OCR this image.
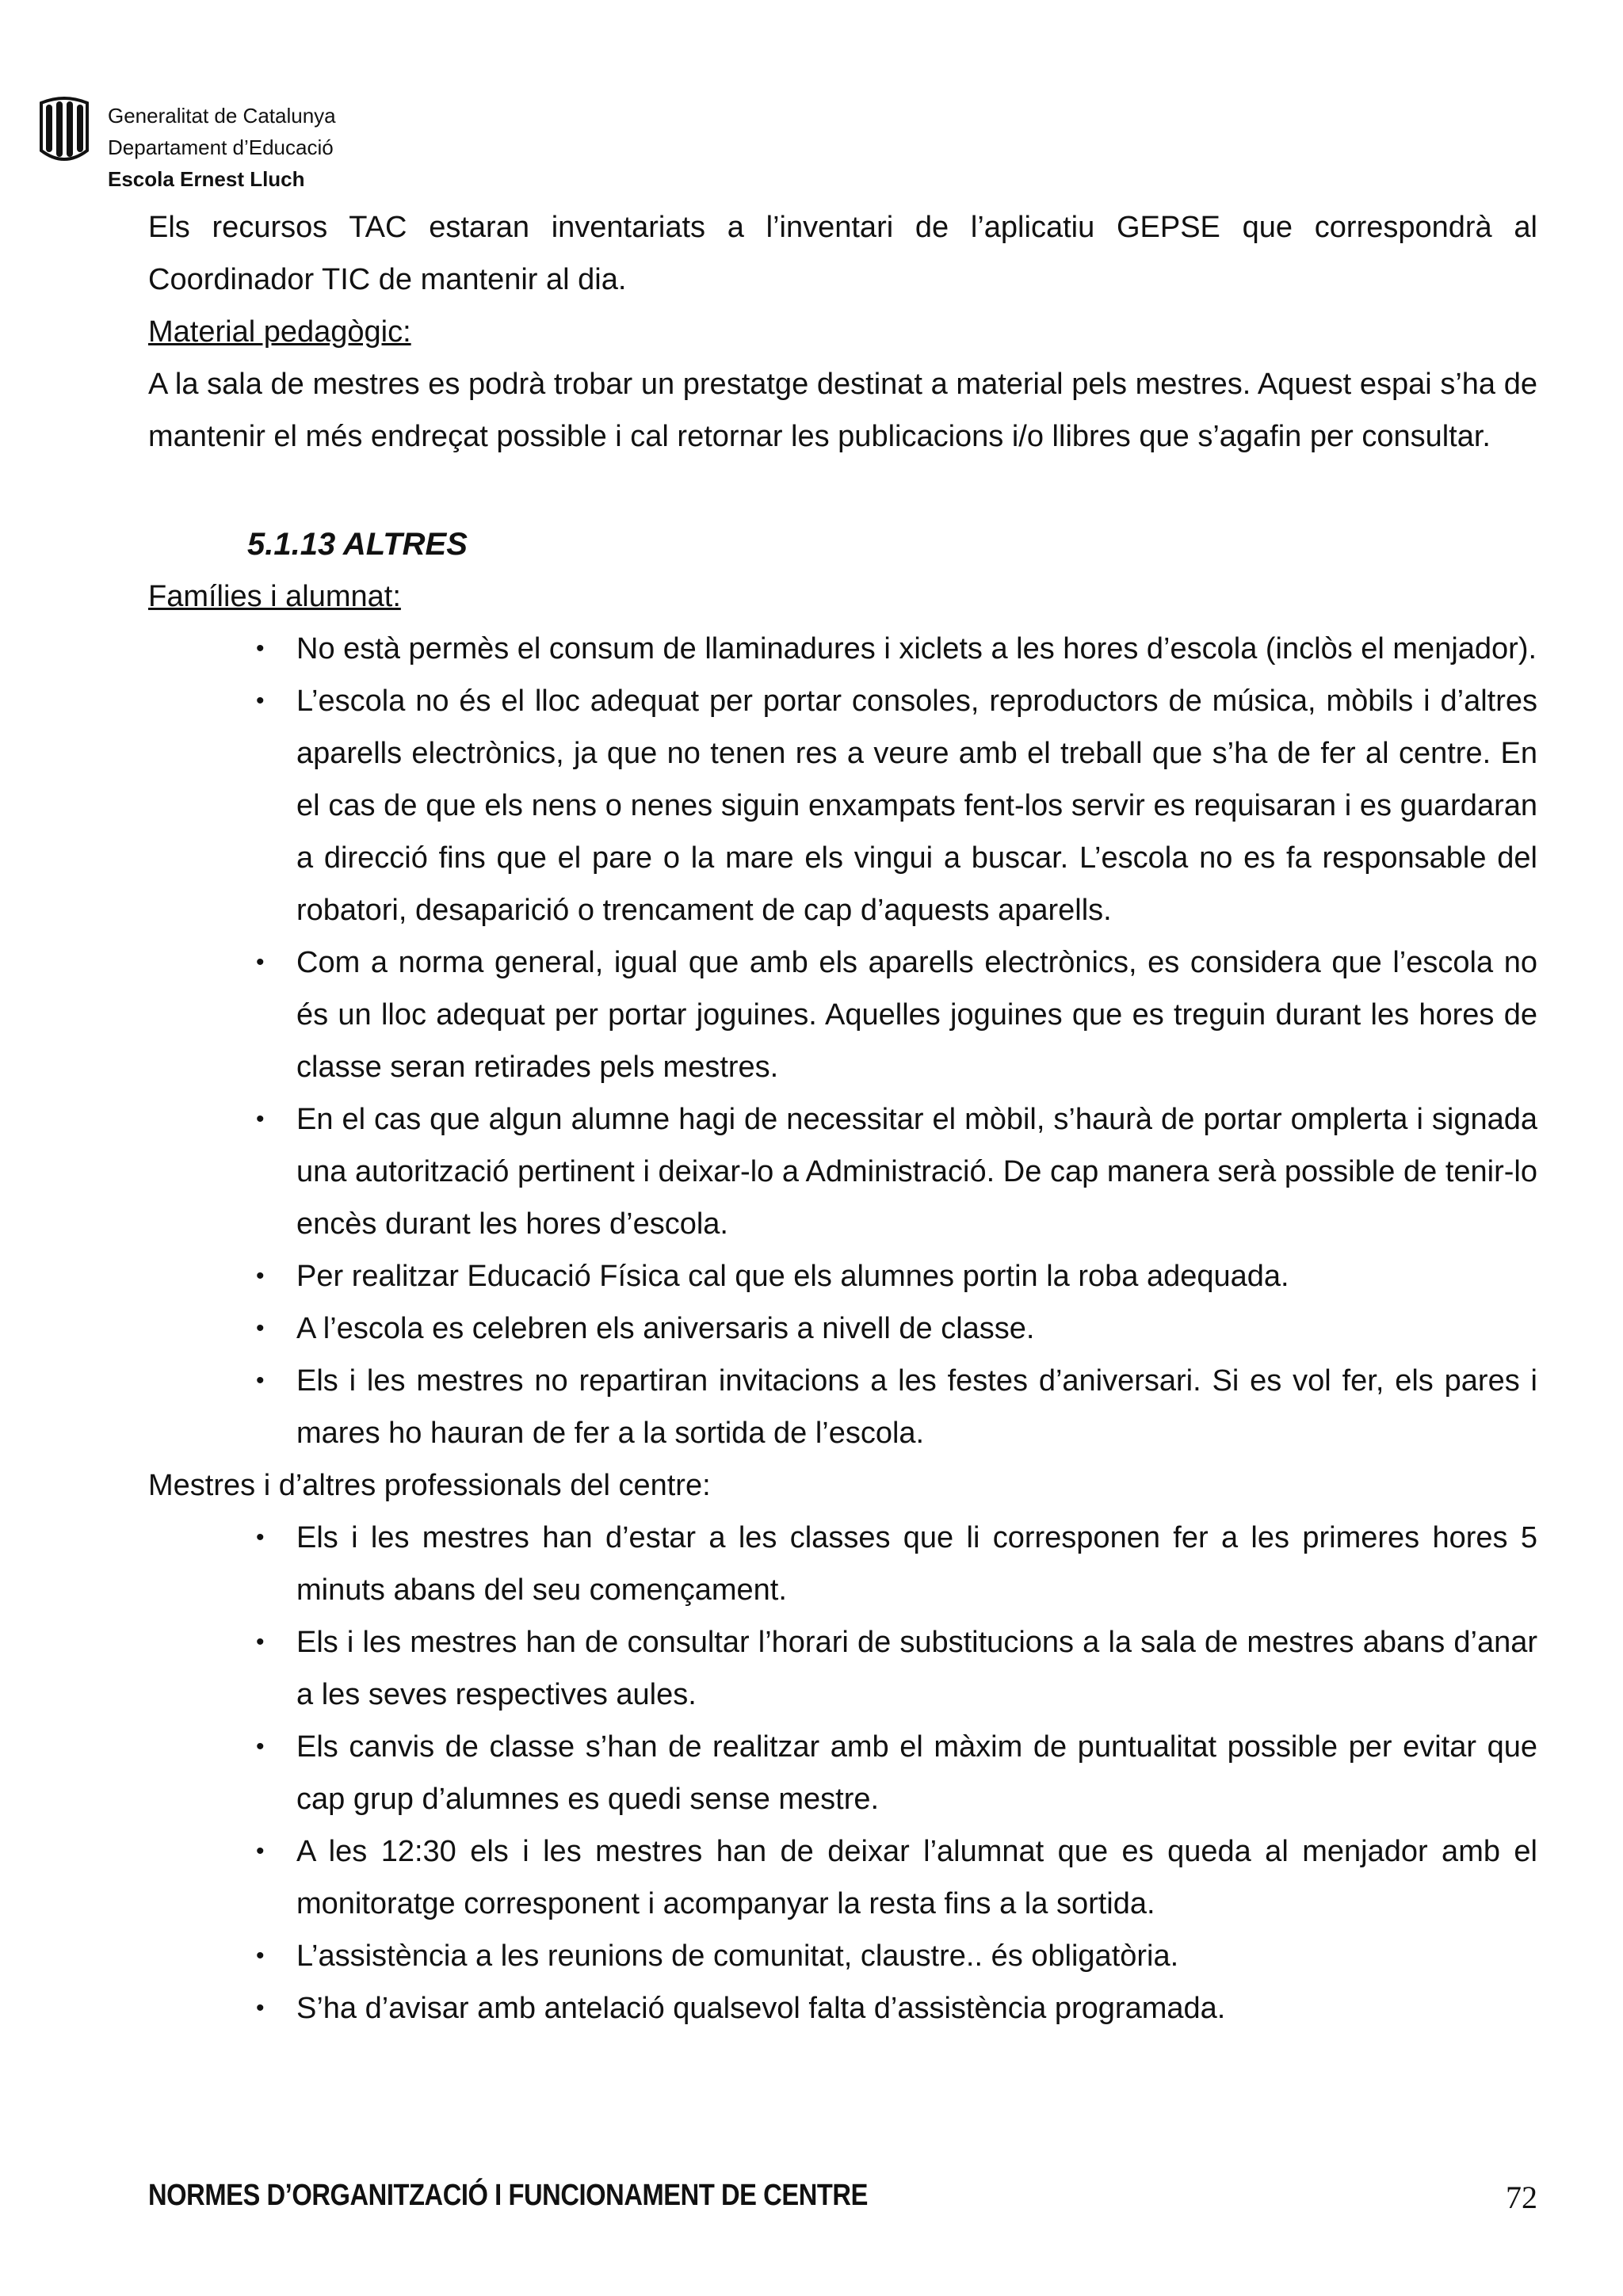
Generalitat de Catalunya
Departament d’Educació
Escola Ernest Lluch

Els recursos TAC estaran inventariats a l’inventari de l’aplicatiu GEPSE que correspondrà al Coordinador TIC de mantenir al dia.

Material pedagògic:

A la sala de mestres es podrà trobar un prestatge destinat a material pels mestres. Aquest espai s’ha de mantenir el més endreçat possible i cal retornar les publicacions i/o llibres que s’agafin per consultar.

5.1.13 ALTRES
Famílies i alumnat:
• No està permès el consum de llaminadures i xiclets a les hores d’escola (inclòs el menjador).
• L’escola no és el lloc adequat per portar consoles, reproductors de música, mòbils i d’altres aparells electrònics, ja que no tenen res a veure amb el treball que s’ha de fer al centre. En el cas de que els nens o nenes siguin enxampats fent-los servir es requisaran i es guardaran a direcció fins que el pare o la mare els vingui a buscar. L’escola no es fa responsable del robatori, desaparició o trencament de cap d’aquests aparells.
• Com a norma general, igual que amb els aparells electrònics, es considera que l’escola no és un lloc adequat per portar joguines. Aquelles joguines que es treguin durant les hores de classe seran retirades pels mestres.
• En el cas que algun alumne hagi de necessitar el mòbil, s’haurà de portar omplerta i signada una autorització pertinent i deixar-lo a Administració. De cap manera serà possible de tenir-lo encès durant les hores d’escola.
• Per realitzar Educació Física cal que els alumnes portin la roba adequada.
• A l’escola es celebren els aniversaris a nivell de classe.
• Els i les mestres no repartiran invitacions a les festes d’aniversari. Si es vol fer, els pares i mares ho hauran de fer a la sortida de l’escola.
Mestres i d’altres professionals del centre:
• Els i les mestres han d’estar a les classes que li corresponen fer a les primeres hores 5 minuts abans del seu començament.
• Els i les mestres han de consultar l’horari de substitucions a la sala de mestres abans d’anar a les seves respectives aules.
• Els canvis de classe s’han de realitzar amb el màxim de puntualitat possible per evitar que cap grup d’alumnes es quedi sense mestre.
• A les 12:30 els i les mestres han de deixar l’alumnat que es queda al menjador amb el monitoratge corresponent i acompanyar la resta fins a la sortida.
• L’assistència a les reunions de comunitat, claustre.. és obligatòria.
• S’ha d’avisar amb antelació qualsevol falta d’assistència programada.
NORMES D’ORGANITZACIÓ I FUNCIONAMENT DE CENTRE	72
